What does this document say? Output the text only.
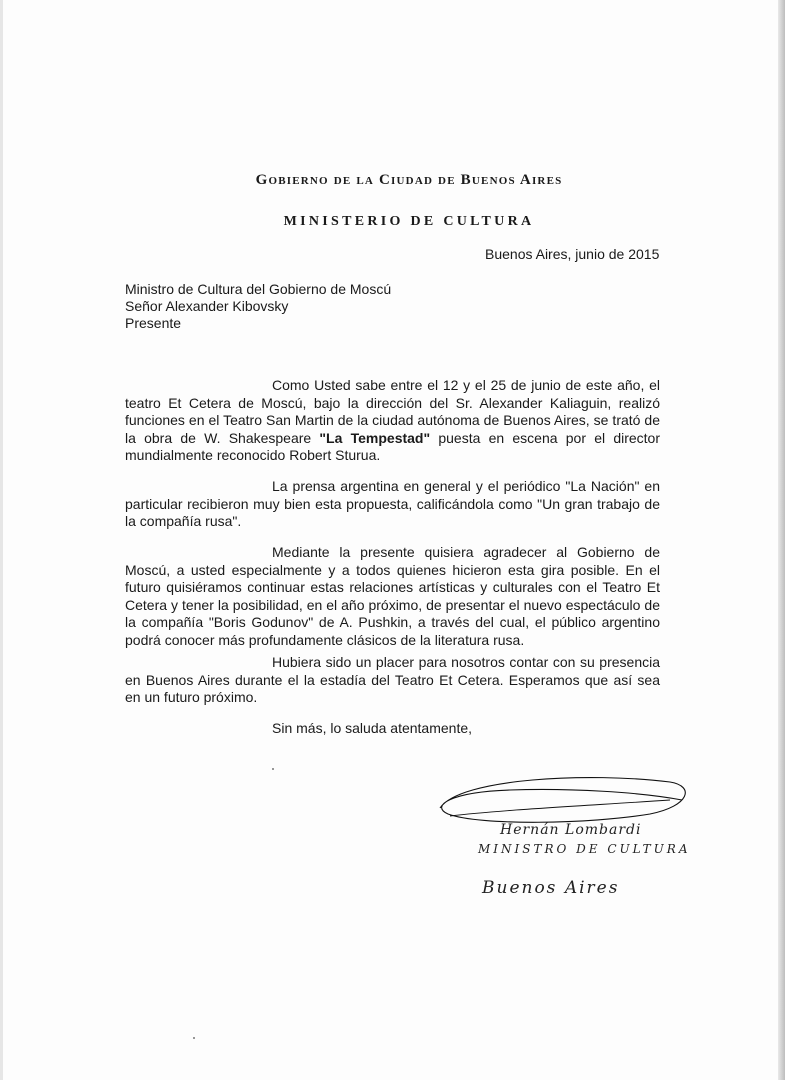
Gobierno de la Ciudad de Buenos Aires
MINISTERIO DE CULTURA
Buenos Aires, junio de 2015
Ministro de Cultura del Gobierno de Moscú
Señor Alexander Kibovsky
Presente
Como Usted sabe entre el 12 y el 25 de junio de este año, el teatro Et Cetera de Moscú, bajo la dirección del Sr. Alexander Kaliaguin, realizó funciones en el Teatro San Martin de la ciudad autónoma de Buenos Aires, se trató de la obra de W. Shakespeare "La Tempestad" puesta en escena por el director mundialmente reconocido Robert Sturua.
La prensa argentina en general y el periódico "La Nación" en particular recibieron muy bien esta propuesta, calificándola como "Un gran trabajo de la compañía rusa".
Mediante la presente quisiera agradecer al Gobierno de Moscú, a usted especialmente y a todos quienes hicieron esta gira posible. En el futuro quisiéramos continuar estas relaciones artísticas y culturales con el Teatro Et Cetera y tener la posibilidad, en el año próximo, de presentar el nuevo espectáculo de la compañía "Boris Godunov" de A. Pushkin, a través del cual, el público argentino podrá conocer más profundamente clásicos de la literatura rusa.
Hubiera sido un placer para nosotros contar con su presencia en Buenos Aires durante el la estadía del Teatro Et Cetera. Esperamos que así sea en un futuro próximo.
Sin más, lo saluda atentamente,
Hernán Lombardi
MINISTRO DE CULTURA
Buenos Aires
